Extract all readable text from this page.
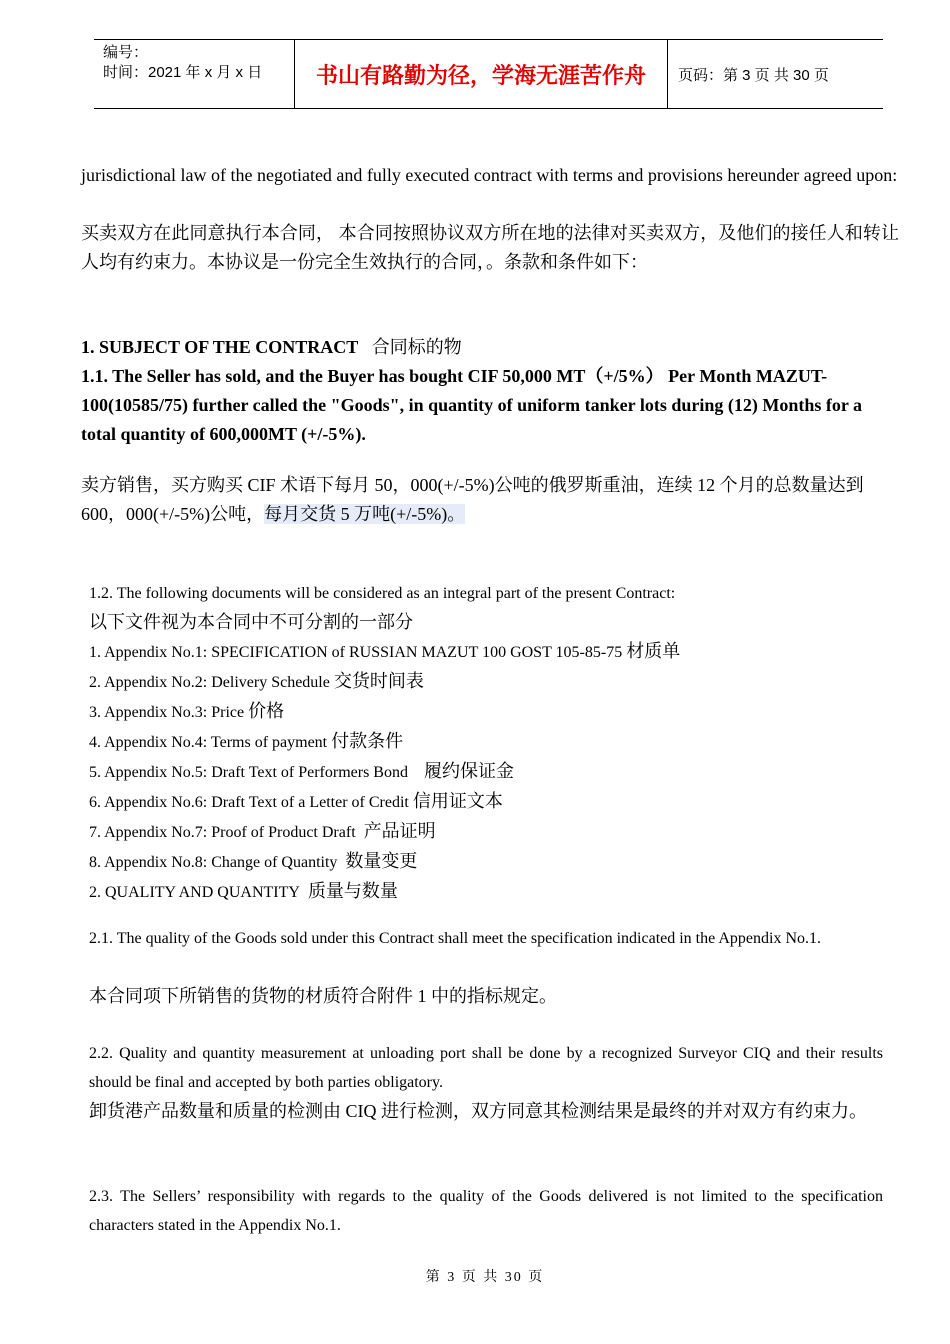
编号：
时间：2021 年 x 月 x 日	书山有路勤为径，学海无涯苦作舟	页码：第 3 页 共 30 页
jurisdictional law of the negotiated and fully executed contract with terms and provisions hereunder agreed upon:
买卖双方在此同意执行本合同， 本合同按照协议双方所在地的法律对买卖双方，及他们的接任人和转让人均有约束力。本协议是一份完全生效执行的合同，。条款和条件如下：
1. SUBJECT OF THE CONTRACT 合同标的物
1.1. The Seller has sold, and the Buyer has bought CIF 50,000 MT（+/5%） Per Month MAZUT-100(10585/75) further called the "Goods", in quantity of uniform tanker lots during (12) Months for a total quantity of 600,000MT (+/-5%).
卖方销售，买方购买 CIF 术语下每月 50，000(+/-5%)公吨的俄罗斯重油，连续 12 个月的总数量达到 600，000(+/-5%)公吨，每月交货 5 万吨(+/-5%)。
1.2. The following documents will be considered as an integral part of the present Contract:
以下文件视为本合同中不可分割的一部分
1. Appendix No.1: SPECIFICATION of RUSSIAN MAZUT 100 GOST 105-85-75 材质单
2. Appendix No.2: Delivery Schedule 交货时间表
3. Appendix No.3: Price 价格
4. Appendix No.4: Terms of payment 付款条件
5. Appendix No.5: Draft Text of Performers Bond 履约保证金
6. Appendix No.6: Draft Text of a Letter of Credit 信用证文本
7. Appendix No.7: Proof of Product Draft 产品证明
8. Appendix No.8: Change of Quantity 数量变更
2. QUALITY AND QUANTITY 质量与数量
2.1. The quality of the Goods sold under this Contract shall meet the specification indicated in the Appendix No.1.
本合同项下所销售的货物的材质符合附件 1 中的指标规定。
2.2. Quality and quantity measurement at unloading port shall be done by a recognized Surveyor CIQ and their results should be final and accepted by both parties obligatory.
卸货港产品数量和质量的检测由 CIQ 进行检测，双方同意其检测结果是最终的并对双方有约束力。
2.3. The Sellers’ responsibility with regards to the quality of the Goods delivered is not limited to the specification characters stated in the Appendix No.1.
第 3 页 共 30 页
